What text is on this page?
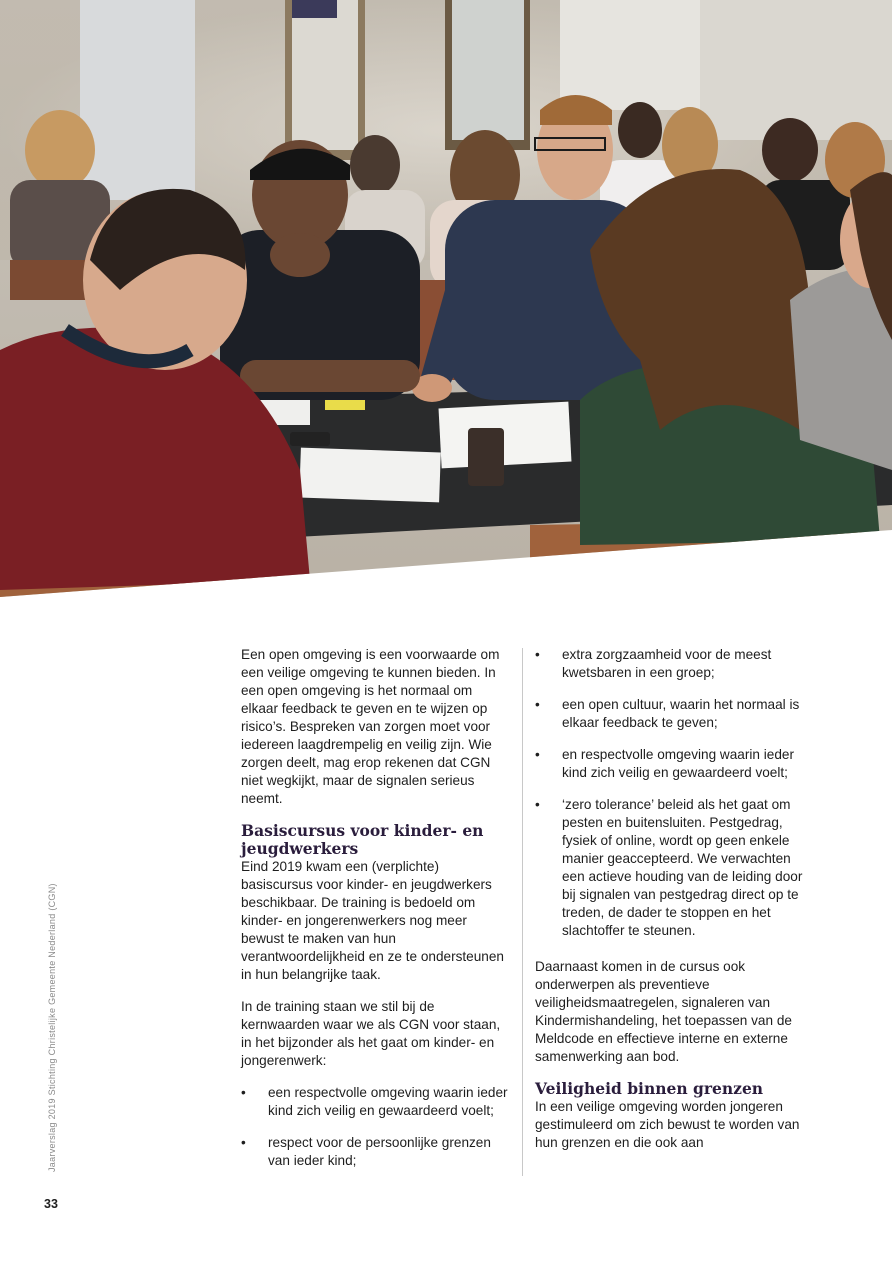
Een open omgeving is een voorwaarde om een veilige omgeving te kunnen bieden. In een open omgeving is het normaal om elkaar feedback te geven en te wijzen op risico’s. Bespreken van zorgen moet voor iedereen laagdrempelig en veilig zijn. Wie zorgen deelt, mag erop rekenen dat CGN niet wegkijkt, maar de signalen serieus neemt.

Basiscursus voor kinder- en jeugdwerkers

Eind 2019 kwam een (verplichte) basiscursus voor kinder- en jeugdwerkers beschikbaar. De training is bedoeld om kinder- en jongerenwerkers nog meer bewust te maken van hun verantwoordelijkheid en ze te ondersteunen in hun belangrijke taak.

In de training staan we stil bij de kernwaarden waar we als CGN voor staan, in het bijzonder als het gaat om kinder- en jongerenwerk:

• een respectvolle omgeving waarin ieder kind zich veilig en gewaardeerd voelt;
• respect voor de persoonlijke grenzen van ieder kind;
• extra zorgzaamheid voor de meest kwetsbaren in een groep;
• een open cultuur, waarin het normaal is elkaar feedback te geven;
• en respectvolle omgeving waarin ieder kind zich veilig en gewaardeerd voelt;
• ‘zero tolerance’ beleid als het gaat om pesten en buitensluiten. Pestgedrag, fysiek of online, wordt op geen enkele manier geaccepteerd. We verwachten een actieve houding van de leiding door bij signalen van pestgedrag direct op te treden, de dader te stoppen en het slachtoffer te steunen.

Daarnaast komen in de cursus ook onderwerpen als preventieve veiligheidsmaatregelen, signaleren van Kindermishandeling, het toepassen van de Meldcode en effectieve interne en externe samenwerking aan bod.

Veiligheid binnen grenzen

In een veilige omgeving worden jongeren gestimuleerd om zich bewust te worden van hun grenzen en die ook aan

Jaarverslag 2019 Stichting Christelijke Gemeente Nederland (CGN)
33
